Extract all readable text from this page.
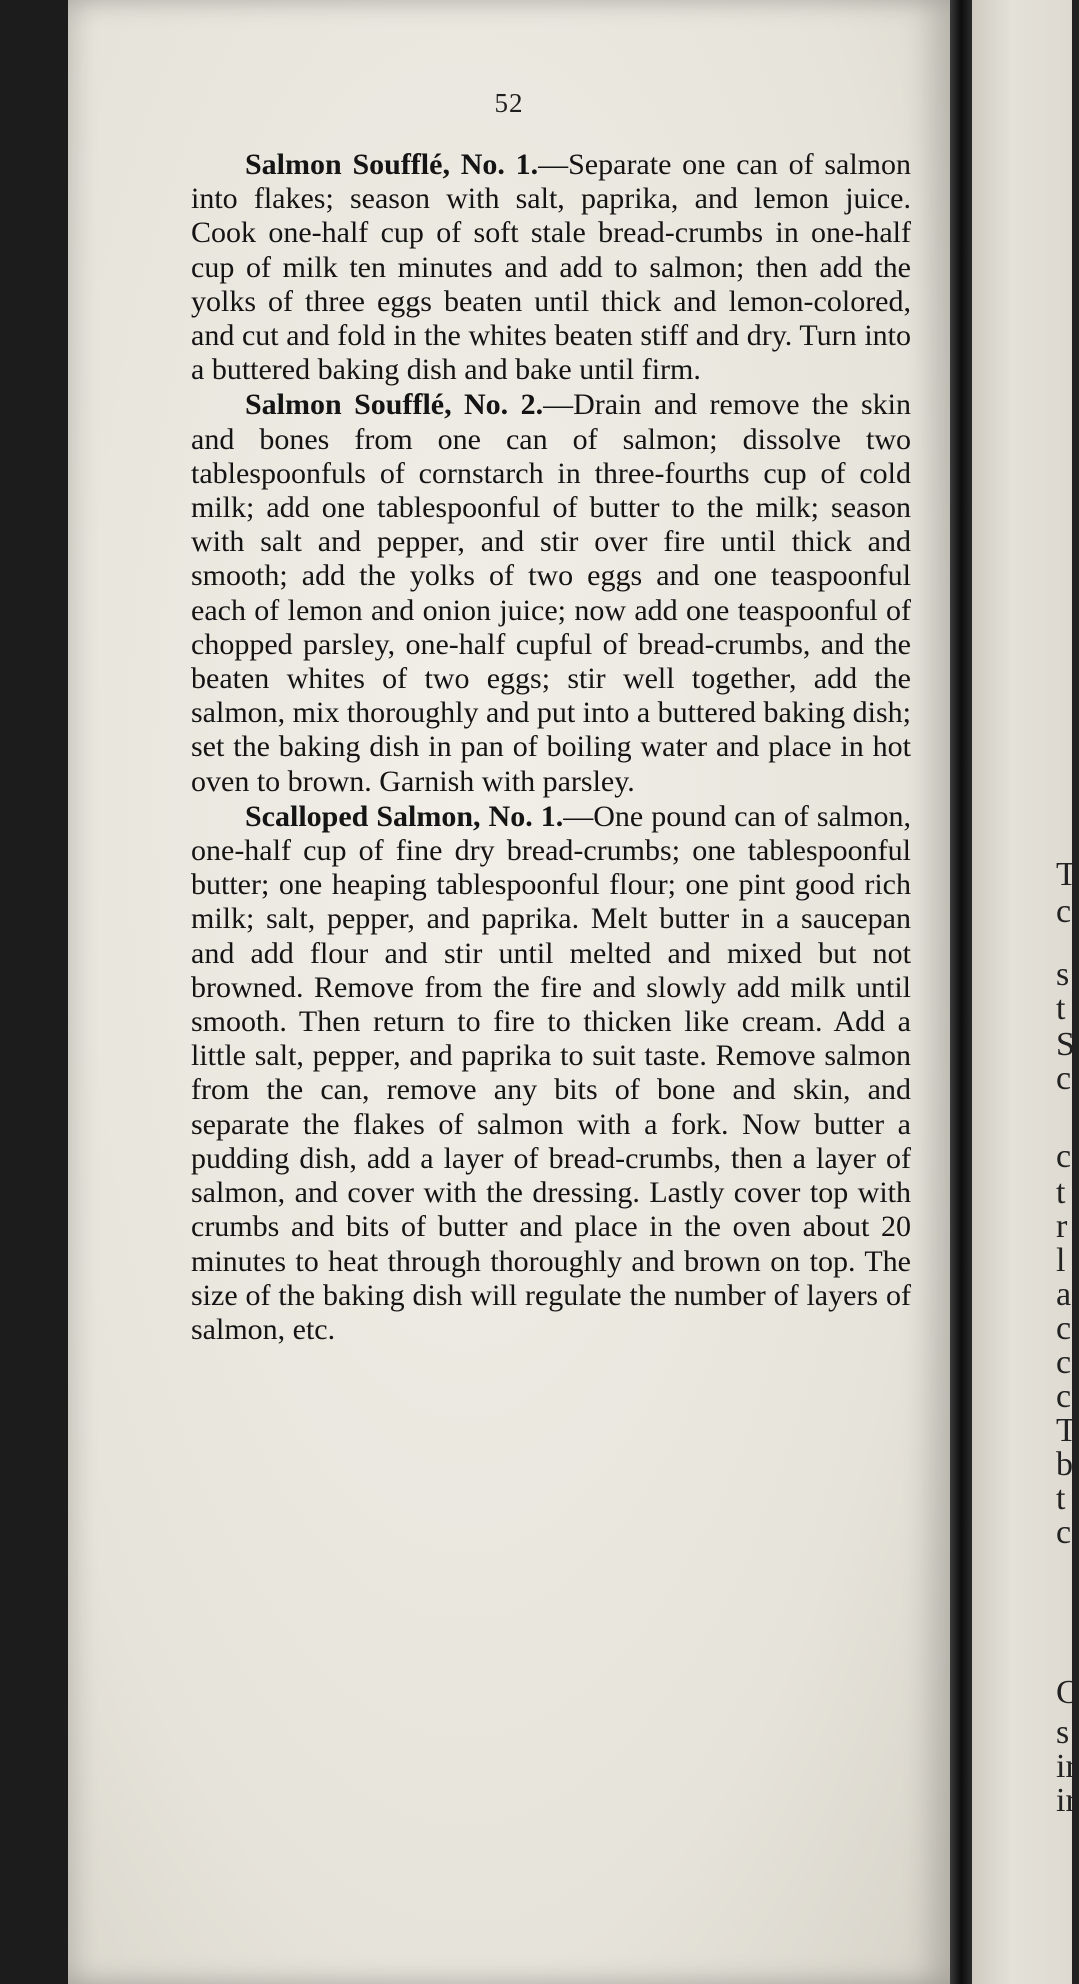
52

Salmon Soufflé, No. 1.—Separate one can of salmon into flakes; season with salt, paprika, and lemon juice. Cook one-half cup of soft stale bread-crumbs in one-half cup of milk ten minutes and add to salmon; then add the yolks of three eggs beaten until thick and lemon-colored, and cut and fold in the whites beaten stiff and dry. Turn into a buttered baking dish and bake until firm.

Salmon Soufflé, No. 2.—Drain and remove the skin and bones from one can of salmon; dissolve two tablespoonfuls of cornstarch in three-fourths cup of cold milk; add one tablespoonful of butter to the milk; season with salt and pepper, and stir over fire until thick and smooth; add the yolks of two eggs and one teaspoonful each of lemon and onion juice; now add one teaspoonful of chopped parsley, one-half cupful of bread-crumbs, and the beaten whites of two eggs; stir well together, add the salmon, mix thoroughly and put into a buttered baking dish; set the baking dish in pan of boiling water and place in hot oven to brown. Garnish with parsley.

Scalloped Salmon, No. 1.—One pound can of salmon, one-half cup of fine dry bread-crumbs; one tablespoonful butter; one heaping tablespoonful flour; one pint good rich milk; salt, pepper, and paprika. Melt butter in a saucepan and add flour and stir until melted and mixed but not browned. Remove from the fire and slowly add milk until smooth. Then return to fire to thicken like cream. Add a little salt, pepper, and paprika to suit taste. Remove salmon from the can, remove any bits of bone and skin, and separate the flakes of salmon with a fork. Now butter a pudding dish, add a layer of bread-crumbs, then a layer of salmon, and cover with the dressing. Lastly cover top with crumbs and bits of butter and place in the oven about 20 minutes to heat through thoroughly and brown on top. The size of the baking dish will regulate the number of layers of salmon, etc.

T
c
s
t
S
c
c
t
r
l
a
c
c
c
T
b
t
c
C
s
ir
ir
